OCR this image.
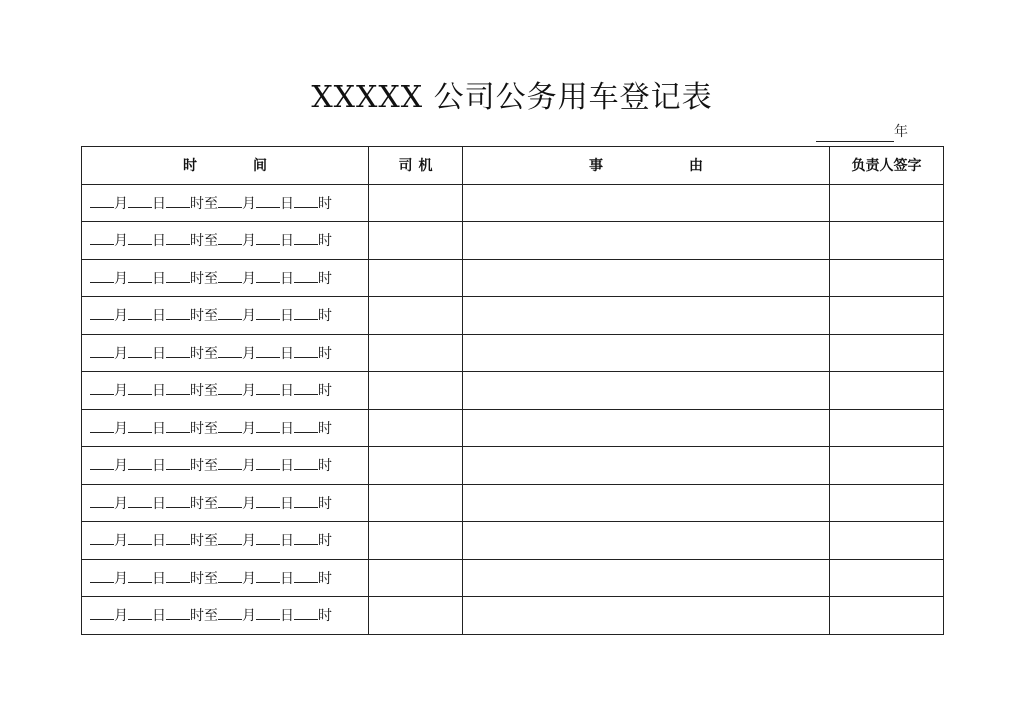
XXXXX 公司公务用车登记表
年
时间	司机	事由	负责人签字
月 日 时至 月 日 时			
月 日 时至 月 日 时			
月 日 时至 月 日 时			
月 日 时至 月 日 时			
月 日 时至 月 日 时			
月 日 时至 月 日 时			
月 日 时至 月 日 时			
月 日 时至 月 日 时			
月 日 时至 月 日 时			
月 日 时至 月 日 时			
月 日 时至 月 日 时			
月 日 时至 月 日 时			
